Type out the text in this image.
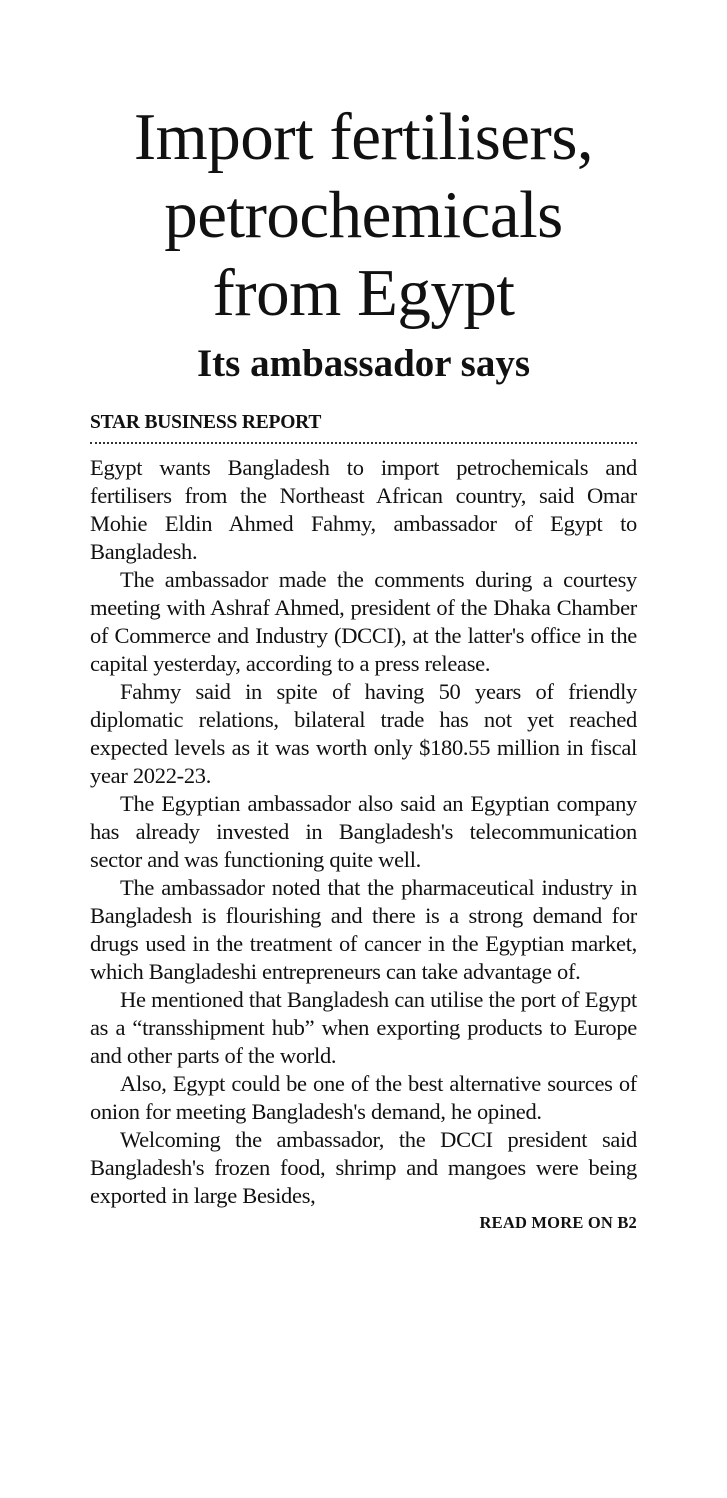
Import fertilisers,
petrochemicals
from Egypt
Its ambassador says
STAR BUSINESS REPORT

Egypt wants Bangladesh to import petrochemicals and fertilisers from the Northeast African country, said Omar Mohie Eldin Ahmed Fahmy, ambassador of Egypt to Bangladesh.

The ambassador made the comments during a courtesy meeting with Ashraf Ahmed, president of the Dhaka Chamber of Commerce and Industry (DCCI), at the latter's office in the capital yesterday, according to a press release.

Fahmy said in spite of having 50 years of friendly diplomatic relations, bilateral trade has not yet reached expected levels as it was worth only $180.55 million in fiscal year 2022-23.

The Egyptian ambassador also said an Egyptian company has already invested in Bangladesh's telecommunication sector and was functioning quite well.

The ambassador noted that the pharmaceutical industry in Bangladesh is flourishing and there is a strong demand for drugs used in the treatment of cancer in the Egyptian market, which Bangladeshi entrepreneurs can take advantage of.

He mentioned that Bangladesh can utilise the port of Egypt as a “transshipment hub” when exporting products to Europe and other parts of the world.

Also, Egypt could be one of the best alternative sources of onion for meeting Bangladesh's demand, he opined.

Welcoming the ambassador, the DCCI president said Bangladesh's frozen food, shrimp and mangoes were being exported in large Besides,

READ MORE ON B2
